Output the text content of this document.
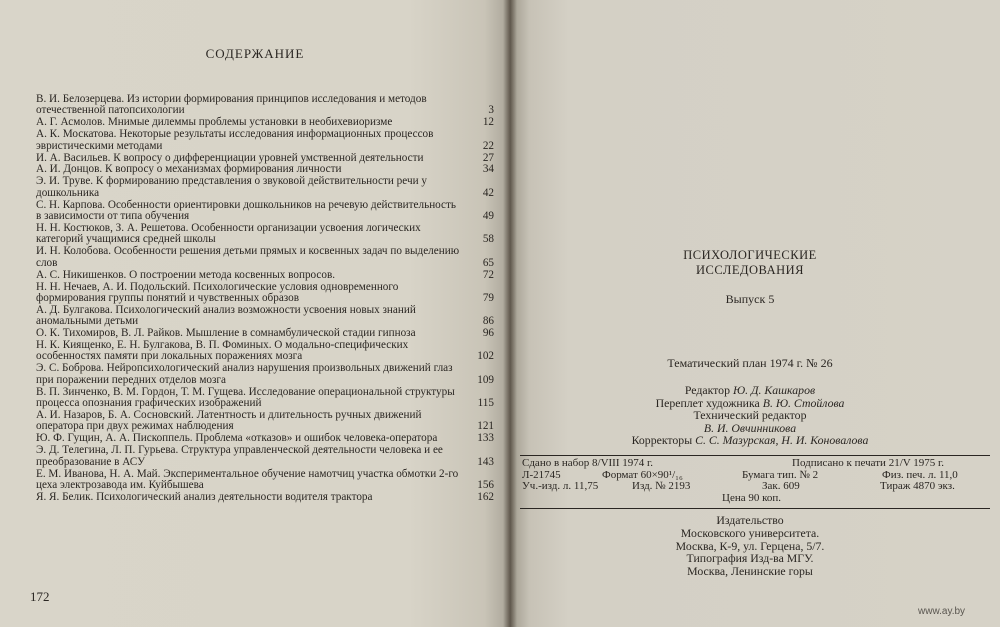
СОДЕРЖАНИЕ
В. И. Белозерцева. Из истории формирования принципов исследования и методов отечественной патопсихологии	3
А. Г. Асмолов. Мнимые дилеммы проблемы установки в необихевиоризме	12
А. К. Москатова. Некоторые результаты исследования информационных процессов эвристическими методами	22
И. А. Васильев. К вопросу о дифференциации уровней умственной деятельности	27
А. И. Донцов. К вопросу о механизмах формирования личности	34
Э. И. Труве. К формированию представления о звуковой действительности речи у дошкольника	42
С. Н. Карпова. Особенности ориентировки дошкольников на речевую действительность в зависимости от типа обучения	49
Н. Н. Костюков, З. А. Решетова. Особенности организации усвоения логических категорий учащимися средней школы	58
И. Н. Колобова. Особенности решения детьми прямых и косвенных задач по выделению слов	65
А. С. Никишенков. О построении метода косвенных вопросов.	72
Н. Н. Нечаев, А. И. Подольский. Психологические условия одновременного формирования группы понятий и чувственных образов	79
А. Д. Булгакова. Психологический анализ возможности усвоения новых знаний аномальными детьми	86
О. К. Тихомиров, В. Л. Райков. Мышление в сомнамбулической стадии гипноза	96
Н. К. Киященко, Е. Н. Булгакова, В. П. Фоминых. О модально-специфических особенностях памяти при локальных поражениях мозга	102
Э. С. Боброва. Нейропсихологический анализ нарушения произвольных движений глаз при поражении передних отделов мозга	109
В. П. Зинченко, В. М. Гордон, Т. М. Гущева. Исследование операциональной структуры процесса опознания графических изображений	115
А. И. Назаров, Б. А. Сосновский. Латентность и длительность ручных движений оператора при двух режимах наблюдения	121
Ю. Ф. Гущин, А. А. Пископпель. Проблема «отказов» и ошибок человека-оператора	133
Э. Д. Телегина, Л. П. Гурьева. Структура управленческой деятельности человека и ее преобразование в АСУ	143
Е. М. Иванова, Н. А. Май. Экспериментальное обучение намотчиц участка обмотки 2-го цеха электрозавода им. Куйбышева	156
Я. Я. Белик. Психологический анализ деятельности водителя трактора	162
172
ПСИХОЛОГИЧЕСКИЕ
ИССЛЕДОВАНИЯ
Выпуск 5
Тематический план 1974 г. № 26
Редактор Ю. Д. Кашкаров
Переплет художника В. Ю. Стойлова
Технический редактор
В. И. Овчинникова
Корректоры С. С. Мазурская, Н. И. Коновалова
Сдано в набор 8/VIII 1974 г.	Подписано к печати 21/V 1975 г.
Л-21745	Формат 60×90¹/₁₆	Бумага тип. № 2	Физ. печ. л. 11,0
Уч.-изд. л. 11,75	Изд. № 2193	Зак. 609	Тираж 4870 экз.
Цена 90 коп.
Издательство
Московского университета.
Москва, К-9, ул. Герцена, 5/7.
Типография Изд-ва МГУ.
Москва, Ленинские горы
www.ay.by
